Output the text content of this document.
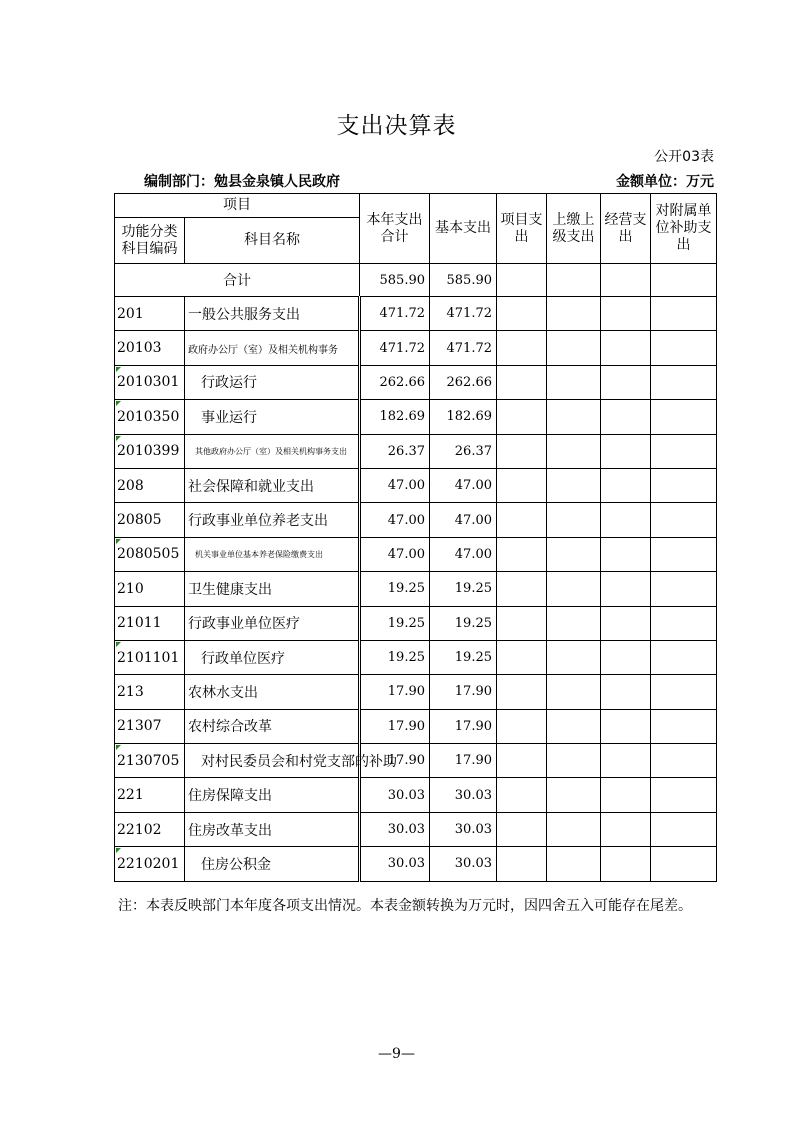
支出决算表
公开03表
编制部门：勉县金泉镇人民政府	金额单位：万元
项目		本年支出合计	基本支出	项目支出	上缴上级支出	经营支出	对附属单位补助支出
功能分类科目编码	科目名称						
合计		585.90	585.90				
201	一般公共服务支出	471.72	471.72				
20103	政府办公厅（室）及相关机构事务	471.72	471.72				

2010301	行政运行	262.66	262.66				

2010350	事业运行	182.69	182.69				

2010399	其他政府办公厅（室）及相关机构事务支出	26.37	26.37				
208	社会保障和就业支出	47.00	47.00				
20805	行政事业单位养老支出	47.00	47.00				

2080505	机关事业单位基本养老保险缴费支出	47.00	47.00				
210	卫生健康支出	19.25	19.25				
21011	行政事业单位医疗	19.25	19.25				

2101101	行政单位医疗	19.25	19.25				
213	农林水支出	17.90	17.90				
21307	农村综合改革	17.90	17.90				

2130705	对村民委员会和村党支部的补助	17.90	17.90				
221	住房保障支出	30.03	30.03				
22102	住房改革支出	30.03	30.03				

2210201	住房公积金	30.03	30.03				
注：本表反映部门本年度各项支出情况。本表金额转换为万元时，因四舍五入可能存在尾差。
—9—
